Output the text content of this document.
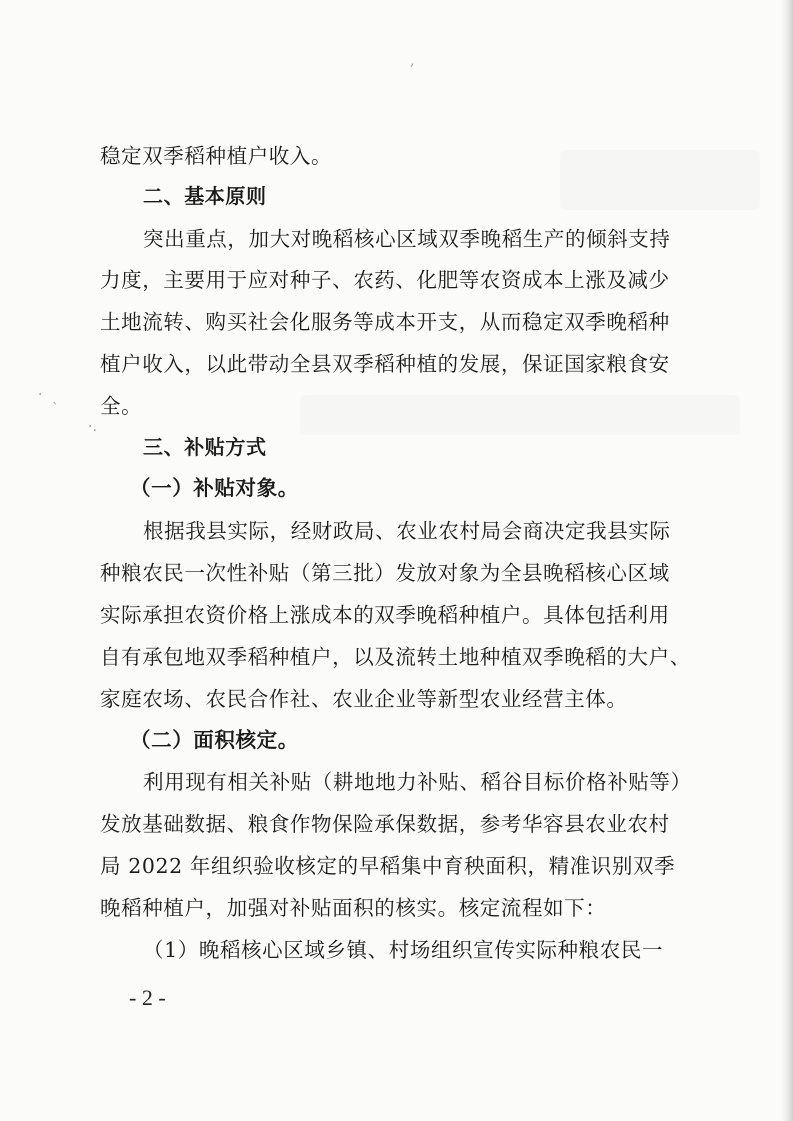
稳定双季稻种植户收入。
二、基本原则
突出重点，加大对晚稻核心区域双季晚稻生产的倾斜支持
力度，主要用于应对种子、农药、化肥等农资成本上涨及减少
土地流转、购买社会化服务等成本开支，从而稳定双季晚稻种
植户收入，以此带动全县双季稻种植的发展，保证国家粮食安
全。
三、补贴方式
（一）补贴对象。
根据我县实际，经财政局、农业农村局会商决定我县实际
种粮农民一次性补贴（第三批）发放对象为全县晚稻核心区域
实际承担农资价格上涨成本的双季晚稻种植户。具体包括利用
自有承包地双季稻种植户，以及流转土地种植双季晚稻的大户、
家庭农场、农民合作社、农业企业等新型农业经营主体。
（二）面积核定。
利用现有相关补贴（耕地地力补贴、稻谷目标价格补贴等）
发放基础数据、粮食作物保险承保数据，参考华容县农业农村
局 2022 年组织验收核定的早稻集中育秧面积，精准识别双季
晚稻种植户，加强对补贴面积的核实。核定流程如下：
（1）晚稻核心区域乡镇、村场组织宣传实际种粮农民一
- 2 -
·
`
·.
,
